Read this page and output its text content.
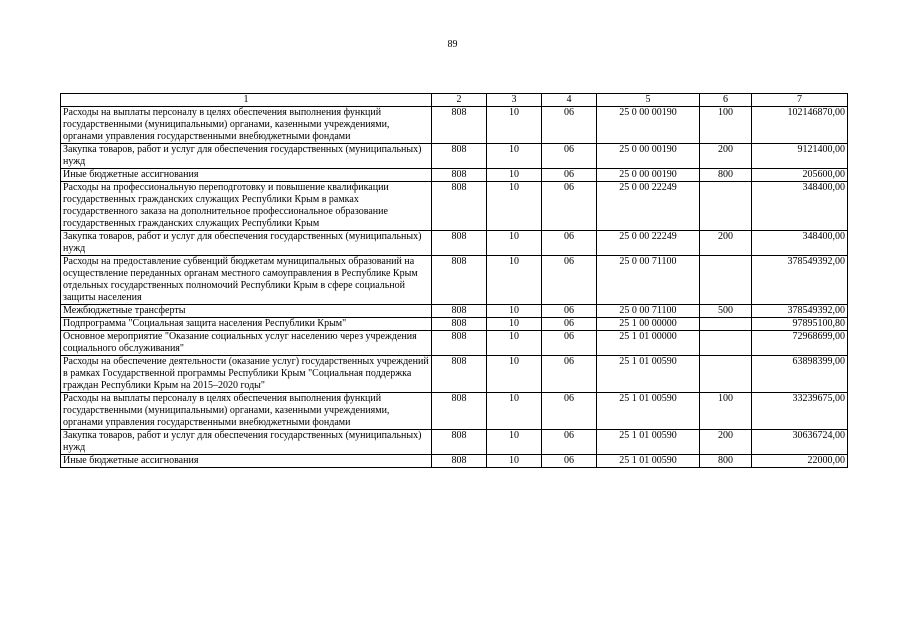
89
1	2	3	4	5	6	7
Расходы на выплаты персоналу в целях обеспечения выполнения функций государственными (муниципальными) органами, казенными учреждениями, органами управления государственными внебюджетными фондами	808	10	06	25 0 00 00190	100	102146870,00
Закупка товаров, работ и услуг для обеспечения государственных (муниципальных) нужд	808	10	06	25 0 00 00190	200	9121400,00
Иные бюджетные ассигнования	808	10	06	25 0 00 00190	800	205600,00
Расходы на профессиональную переподготовку и повышение квалификации государственных гражданских служащих Республики Крым в рамках государственного заказа на дополнительное профессиональное образование государственных гражданских служащих Республики Крым	808	10	06	25 0 00 22249		348400,00
Закупка товаров, работ и услуг для обеспечения государственных (муниципальных) нужд	808	10	06	25 0 00 22249	200	348400,00
Расходы на предоставление субвенций бюджетам муниципальных образований на осуществление переданных органам местного самоуправления в Республике Крым отдельных государственных полномочий Республики Крым в сфере социальной защиты населения	808	10	06	25 0 00 71100		378549392,00
Межбюджетные трансферты	808	10	06	25 0 00 71100	500	378549392,00
Подпрограмма "Социальная защита населения Республики Крым"	808	10	06	25 1 00 00000		97895100,80
Основное мероприятие "Оказание социальных услуг населению через учреждения социального обслуживания"	808	10	06	25 1 01 00000		72968699,00
Расходы на обеспечение деятельности (оказание услуг) государственных учреждений в рамках Государственной программы Республики Крым "Социальная поддержка граждан Республики Крым на 2015–2020 годы"	808	10	06	25 1 01 00590		63898399,00
Расходы на выплаты персоналу в целях обеспечения выполнения функций государственными (муниципальными) органами, казенными учреждениями, органами управления государственными внебюджетными фондами	808	10	06	25 1 01 00590	100	33239675,00
Закупка товаров, работ и услуг для обеспечения государственных (муниципальных) нужд	808	10	06	25 1 01 00590	200	30636724,00
Иные бюджетные ассигнования	808	10	06	25 1 01 00590	800	22000,00
